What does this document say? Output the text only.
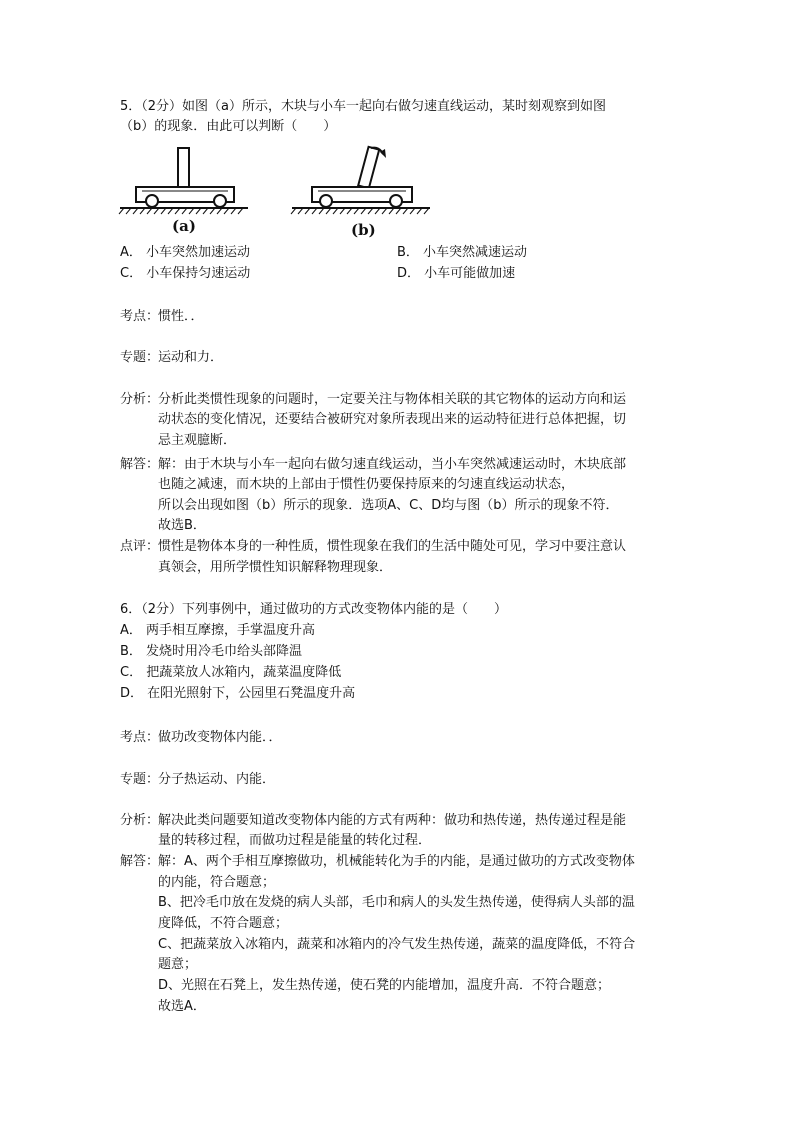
5．（2分）如图（a）所示，木块与小车一起向右做匀速直线运动，某时刻观察到如图
（b）的现象．由此可以判断（　　）
(a)	(b)
A． 小车突然加速运动	B． 小车突然减速运动
C． 小车保持匀速运动	D． 小车可能做加速
考点：
惯性．．
专题：
运动和力．
分析：
分析此类惯性现象的问题时，一定要关注与物体相关联的其它物体的运动方向和运
动状态的变化情况，还要结合被研究对象所表现出来的运动特征进行总体把握，切
忌主观臆断．
解答：
解：由于木块与小车一起向右做匀速直线运动，当小车突然减速运动时，木块底部
也随之减速，而木块的上部由于惯性仍要保持原来的匀速直线运动状态，
所以会出现如图（b）所示的现象．选项A、C、D均与图（b）所示的现象不符．
故选B．
点评：
惯性是物体本身的一种性质，惯性现象在我们的生活中随处可见，学习中要注意认
真领会，用所学惯性知识解释物理现象．
6．（2分）下列事例中，通过做功的方式改变物体内能的是（　　）
A． 两手相互摩擦，手掌温度升高
B． 发烧时用冷毛巾给头部降温
C． 把蔬菜放人冰箱内，蔬菜温度降低
D． 在阳光照射下，公园里石凳温度升高
考点：
做功改变物体内能．．
专题：
分子热运动、内能．
分析：
解决此类问题要知道改变物体内能的方式有两种：做功和热传递，热传递过程是能
量的转移过程，而做功过程是能量的转化过程．
解答：
解：A、两个手相互摩擦做功，机械能转化为手的内能，是通过做功的方式改变物体
的内能，符合题意；
B、把冷毛巾放在发烧的病人头部，毛巾和病人的头发生热传递，使得病人头部的温
度降低，不符合题意；
C、把蔬菜放入冰箱内，蔬菜和冰箱内的冷气发生热传递，蔬菜的温度降低，不符合
题意；
D、光照在石凳上，发生热传递，使石凳的内能增加，温度升高．不符合题意；
故选A．
